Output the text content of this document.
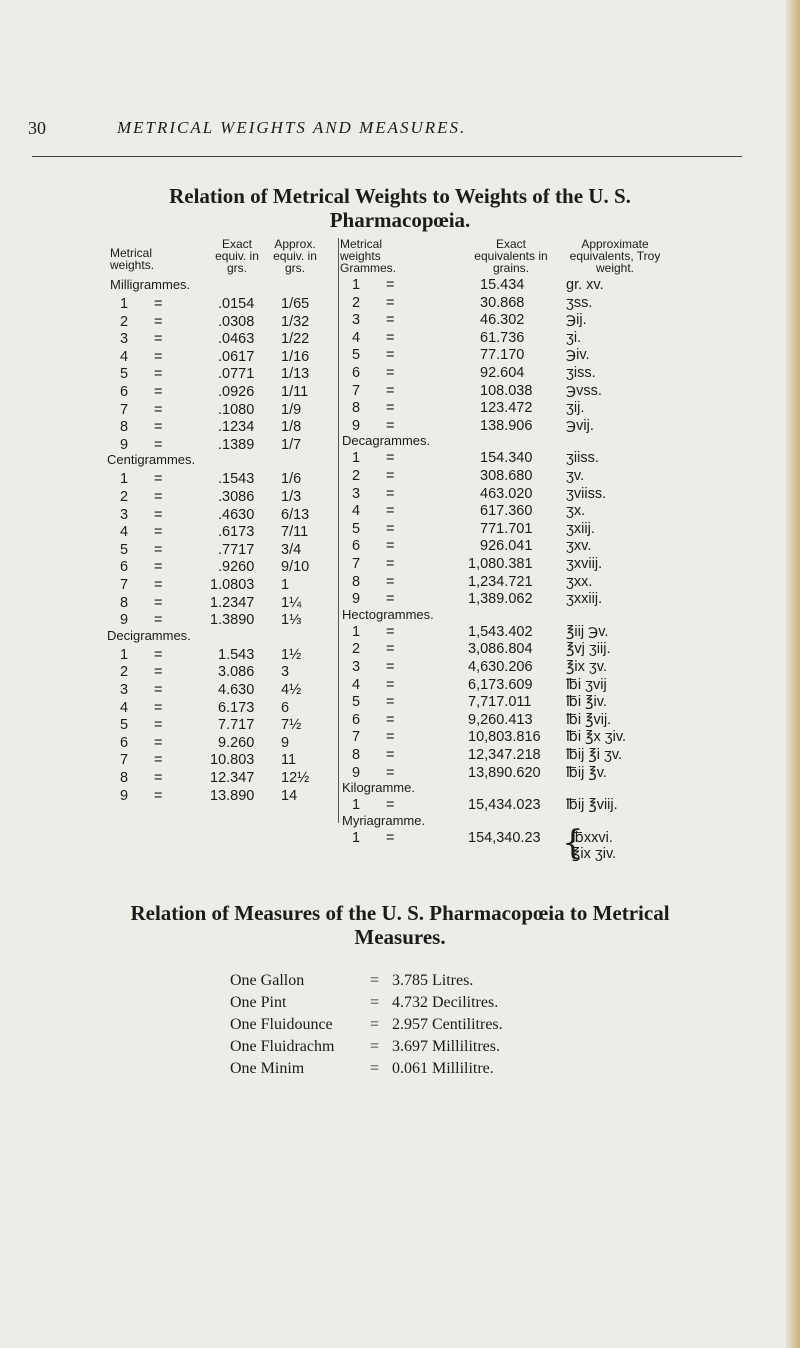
30	METRICAL WEIGHTS AND MEASURES.
Relation of Metrical Weights to Weights of the U. S.
Pharmacopœia.
Metrical weights.
Exact equiv. in grs.
Approx. equiv. in grs.
Metrical weights Grammes.
Exact equivalents in grains.
Approximate equivalents, Troy weight.
Milligrammes.
1 =	.0154 1/65
2 =	.0308 1/32
3 =	.0463 1/22
4 =	.0617 1/16
5 =	.0771 1/13
6 =	.0926 1/11
7 =	.1080 1/9
8 =	.1234 1/8
9 =	.1389 1/7
Centigrammes.
1 =	.1543 1/6
2 =	.3086 1/3
3 =	.4630 6/13
4 =	.6173 7/11
5 =	.7717 3/4
6 =	.9260 9/10
7 =	1.0803 1
8 =	1.2347 1¼
9 =	1.3890 1⅓
Decigrammes.
1 =	1.543 1½
2 =	3.086 3
3 =	4.630 4½
4 =	6.173 6
5 =	7.717 7½
6 =	9.260 9
7 =	10.803 11
8 =	12.347 12½
9 =	13.890 14
1 =	15.434	gr. xv.
2 =	30.868	ʒss.
3 =	46.302	℈ij.
4 =	61.736	ʒi.
5 =	77.170	℈iv.
6 =	92.604	ʒiss.
7 =	108.038 ℈vss.
8 =	123.472 ʒij.
9 =	138.906 ℈vij.
Decagrammes.
1 =	154.340 ʒiiss.
2 =	308.680 ʒv.
3 =	463.020 ʒviiss.
4 =	617.360 ʒx.
5 =	771.701 ʒxiij.
6 =	926.041 ʒxv.
7 =	1,080.381 ʒxviij.
8 =	1,234.721 ʒxx.
9 =	1,389.062 ʒxxiij.
Hectogrammes.
1 =	1,543.402 ℥iij ℈v.
2 =	3,086.804 ℥vj ʒiij.
3 =	4,630.206 ℥ix ʒv.
4 =	6,173.609 ℔i ʒvij
5 =	7,717.011 ℔i ℥iv.
6 =	9,260.413 ℔i ℥vij.
7 =	10,803.816 ℔i ℥x ʒiv.
8 =	12,347.218 ℔ij ℥i ʒv.
9 =	13,890.620 ℔ij ℥v.
Kilogramme.
1 =	15,434.023 ℔ij ℥viij.
Myriagramme.
1 =	154,340.23 ℔xxvi.
℥ix ʒiv.
{
Relation of Measures of the U. S. Pharmacopœia to Metrical
Measures.
One Gallon	= 3.785 Litres.
One Pint	= 4.732 Decilitres.
One Fluidounce = 2.957 Centilitres.
One Fluidrachm = 3.697 Millilitres.
One Minim	= 0.061 Millilitre.
